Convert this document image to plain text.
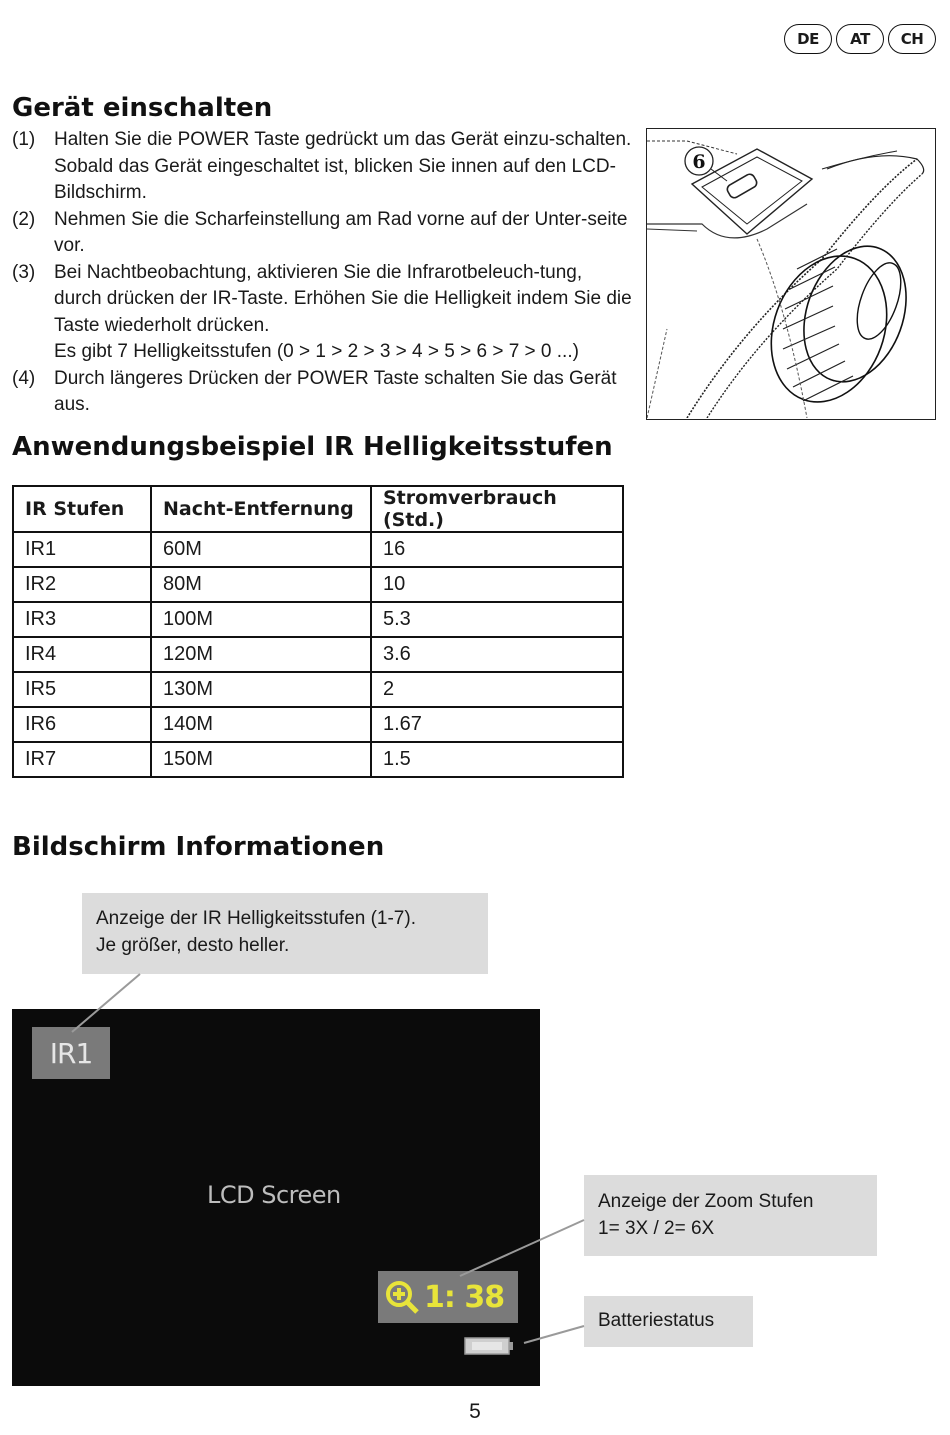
DE	AT	CH
Gerät einschalten
(1) Halten Sie die POWER Taste gedrückt um das Gerät einzu-schalten. Sobald das Gerät eingeschaltet ist, blicken Sie innen auf den LCD-Bildschirm.
(2) Nehmen Sie die Scharfeinstellung am Rad vorne auf der Unter-seite vor.
(3) Bei Nachtbeobachtung, aktivieren Sie die Infrarotbeleuch-tung, durch drücken der IR-Taste. Erhöhen Sie die Helligkeit indem Sie die Taste wiederholt drücken.
Es gibt 7 Helligkeitsstufen (0 > 1 > 2 > 3 > 4 > 5 > 6 > 7 > 0 ...)
(4) Durch längeres Drücken der POWER Taste schalten Sie das Gerät aus.
6
Anwendungsbeispiel IR Helligkeitsstufen
IR Stufen	Nacht-Entfernung	Stromverbrauch (Std.)
IR1	60M	16
IR2	80M	10
IR3	100M	5.3
IR4	120M	3.6
IR5	130M	2
IR6	140M	1.67
IR7	150M	1.5
Bildschirm Informationen
Anzeige der IR Helligkeitsstufen (1-7).
Je größer, desto heller.
IR1
LCD Screen
1: 38
Anzeige der Zoom Stufen
1= 3X / 2= 6X
Batteriestatus
5
